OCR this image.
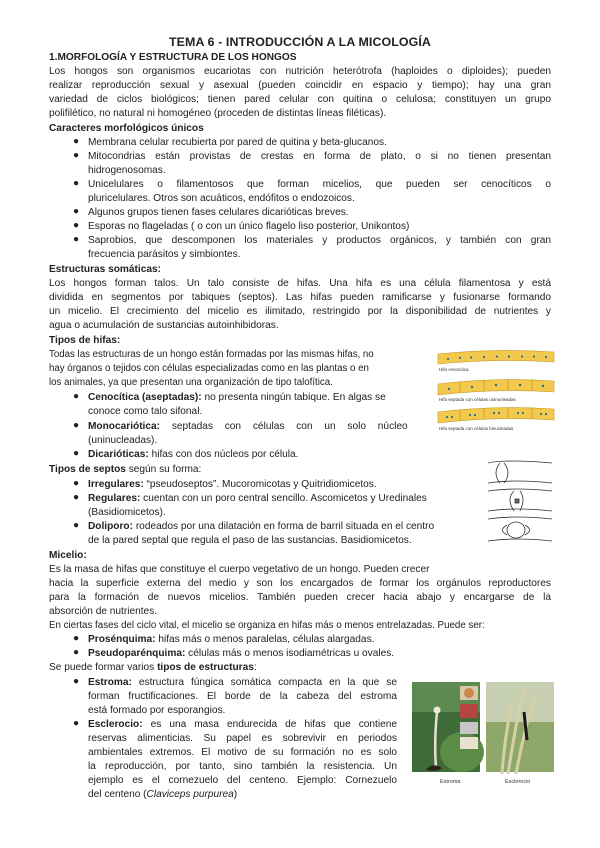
TEMA 6 - INTRODUCCIÓN A LA MICOLOGÍA
1.MORFOLOGÍA Y ESTRUCTURA DE LOS HONGOS
Los hongos son organismos eucariotas con nutrición heterótrofa (haploides o diploides); pueden
realizar reproducción sexual y asexual (pueden coincidir en espacio y tiempo); hay una gran
variedad de ciclos biológicos; tienen pared celular con quitina o celulosa; constituyen un grupo
polifilético, no natural ni homogéneo (proceden de distintas líneas filéticas).
Caracteres morfológicos únicos
● Membrana celular recubierta por pared de quitina y beta-glucanos.
● Mitocondrias están provistas de crestas en forma de plato, o si no tienen presentan
hidrogenosomas.
● Unicelulares o filamentosos que forman micelios, que pueden ser cenocíticos o
pluricelulares. Otros son acuáticos, endófitos o endozoicos.
● Algunos grupos tienen fases celulares dicarióticas breves.
● Esporas no flageladas ( o con un único flagelo liso posterior, Unikontos)
● Saprobios, que descomponen los materiales y productos orgánicos, y también con gran
frecuencia parásitos y simbiontes.
Estructuras somáticas:
Los hongos forman talos. Un talo consiste de hifas. Una hifa es una célula filamentosa y está
dividida en segmentos por tabiques (septos). Las hifas pueden ramificarse y fusionarse formando
un micelio. El crecimiento del micelio es ilimitado, restringido por la disponibilidad de nutrientes y
agua o acumulación de sustancias autoinhibidoras.
Tipos de hifas:
Todas las estructuras de un hongo están formadas por las mismas hifas, no
hay órganos o tejidos con células especializadas como en las plantas o en
los animales, ya que presentan una organización de tipo talofítica.
● Cenocítica (aseptadas): no presenta ningún tabique. En algas se
conoce como talo sifonal.
● Monocariótica: septadas con células con un solo núcleo
(uninucleadas).
● Dicarióticas: hifas con dos núcleos por célula.
Hifa cenocítica
Hifa septada con células uninucleadas
Hifa septada con células binucleadas
Tipos de septos según su forma:
● Irregulares: “pseudoseptos”. Mucoromicotas y Quitridiomicetos.
● Regulares: cuentan con un poro central sencillo. Ascomicetos y Uredinales
(Basidiomicetos).
● Doliporo: rodeados por una dilatación en forma de barril situada en el centro
de la pared septal que regula el paso de las sustancias. Basidiomicetos.
Micelio:
Es la masa de hifas que constituye el cuerpo vegetativo de un hongo. Pueden crecer
hacia la superficie externa del medio y son los encargados de formar los orgánulos reproductores
para la formación de nuevos micelios. También pueden crecer hacia abajo y encargarse de la
absorción de nutrientes.
En ciertas fases del ciclo vital, el micelio se organiza en hifas más o menos entrelazadas. Puede ser:
● Prosénquima: hifas más o menos paralelas, células alargadas.
● Pseudoparénquima: células más o menos isodiamétricas u ovales.
Se puede formar varios tipos de estructuras:
● Estroma: estructura fúngica somática compacta en la que se
forman fructificaciones. El borde de la cabeza del estroma
está formado por esporangios.
● Esclerocio: es una masa endurecida de hifas que contiene
reservas alimenticias. Su papel es sobrevivir en periodos
ambientales extremos. El motivo de su formación no es solo
la reproducción, por tanto, sino también la resistencia. Un
ejemplo es el cornezuelo del centeno. Ejemplo: Cornezuelo
del centeno (Claviceps purpurea)
Estroma	Esclerocio
